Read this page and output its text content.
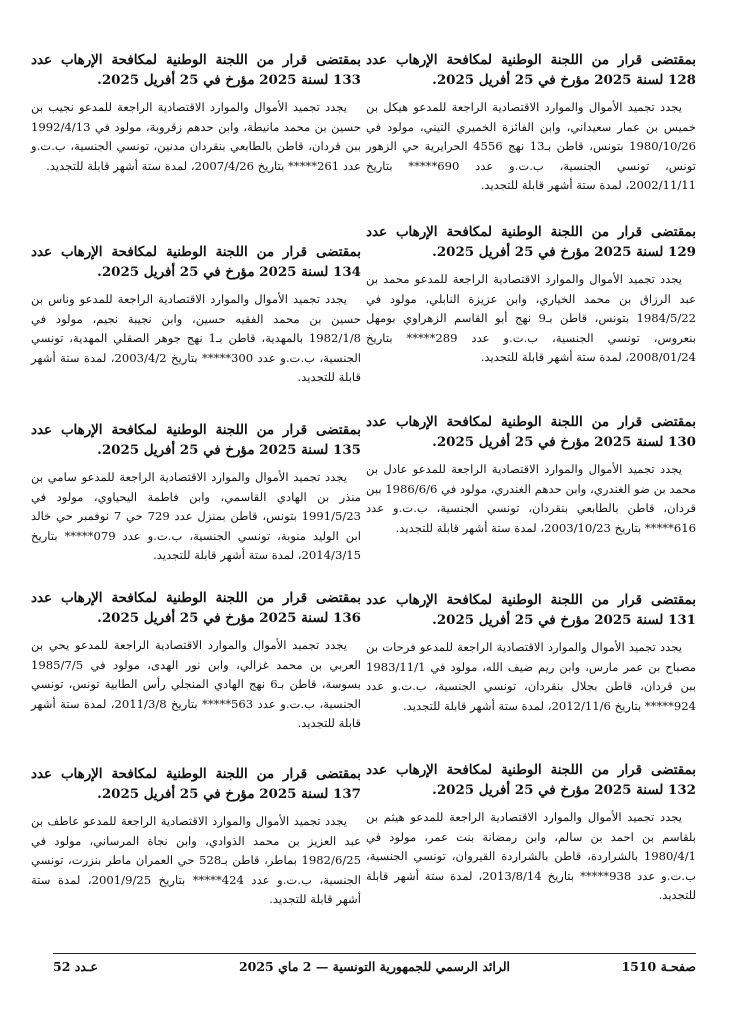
بمقتضى قرار من اللجنة الوطنية لمكافحة الإرهاب عدد 128 لسنة 2025 مؤرخ في 25 أفريل 2025.

يجدد تجميد الأموال والموارد الاقتصادية الراجعة للمدعو هيكل بن خميس بن عمار سعيداني، وابن الفائزة الخميري التيني، مولود في 1980/10/26 بتونس، قاطن بـ13 نهج 4556 الحرايرية حي الزهور تونس، تونسي الجنسية، ب.ت.و عدد 690***** بتاريخ 2002/11/11، لمدة ستة أشهر قابلة للتجديد.

بمقتضى قرار من اللجنة الوطنية لمكافحة الإرهاب عدد 129 لسنة 2025 مؤرخ في 25 أفريل 2025.

يجدد تجميد الأموال والموارد الاقتصادية الراجعة للمدعو محمد بن عبد الرزاق بن محمد الخياري، وابن عزيزة النابلي، مولود في 1984/5/22 بتونس، قاطن بـ9 نهج أبو القاسم الزهراوي بومهل بنعروس، تونسي الجنسية، ب.ت.و عدد 289***** بتاريخ 2008/01/24، لمدة ستة أشهر قابلة للتجديد.

بمقتضى قرار من اللجنة الوطنية لمكافحة الإرهاب عدد 130 لسنة 2025 مؤرخ في 25 أفريل 2025.

يجدد تجميد الأموال والموارد الاقتصادية الراجعة للمدعو عادل بن محمد بن ضو الغندري، وابن حدهم الغندري، مولود في 1986/6/6 ببن قردان، قاطن بالطابعي بنقردان، تونسي الجنسية، ب.ت.و عدد 616***** بتاريخ 2003/10/23، لمدة ستة أشهر قابلة للتجديد.

بمقتضى قرار من اللجنة الوطنية لمكافحة الإرهاب عدد 131 لسنة 2025 مؤرخ في 25 أفريل 2025.

يجدد تجميد الأموال والموارد الاقتصادية الراجعة للمدعو فرحات بن مصباح بن عمر مارس، وابن ريم ضيف الله، مولود في 1983/11/1 ببن قردان، قاطن بجلال بنقردان، تونسي الجنسية، ب.ت.و عدد 924***** بتاريخ 2012/11/6، لمدة ستة أشهر قابلة للتجديد.

بمقتضى قرار من اللجنة الوطنية لمكافحة الإرهاب عدد 132 لسنة 2025 مؤرخ في 25 أفريل 2025.

يجدد تجميد الأموال والموارد الاقتصادية الراجعة للمدعو هيثم بن بلقاسم بن احمد بن سالم، وابن رمضانة بنت عمر، مولود في 1980/4/1 بالشراردة، قاطن بالشراردة القيروان، تونسي الجنسية، ب.ت.و عدد 938***** بتاريخ 2013/8/14، لمدة ستة أشهر قابلة للتجديد.

بمقتضى قرار من اللجنة الوطنية لمكافحة الإرهاب عدد 133 لسنة 2025 مؤرخ في 25 أفريل 2025.

يجدد تجميد الأموال والموارد الاقتصادية الراجعة للمدعو نجيب بن حسين بن محمد مانيطة، وابن حدهم زقروبة، مولود في 1992/4/13 ببن قردان، قاطن بالطابعي بنقردان مدنين، تونسي الجنسية، ب.ت.و عدد 261***** بتاريخ 2007/4/26، لمدة ستة أشهر قابلة للتجديد.

بمقتضى قرار من اللجنة الوطنية لمكافحة الإرهاب عدد 134 لسنة 2025 مؤرخ في 25 أفريل 2025.

يجدد تجميد الأموال والموارد الاقتصادية الراجعة للمدعو وناس بن حسين بن محمد الفقيه حسين، وابن نجيبة نجيم، مولود في 1982/1/8 بالمهدية، قاطن بـ1 نهج جوهر الصقلي المهدية، تونسي الجنسية، ب.ت.و عدد 300***** بتاريخ 2003/4/2، لمدة ستة أشهر قابلة للتجديد.

بمقتضى قرار من اللجنة الوطنية لمكافحة الإرهاب عدد 135 لسنة 2025 مؤرخ في 25 أفريل 2025.

يجدد تجميد الأموال والموارد الاقتصادية الراجعة للمدعو سامي بن منذر بن الهادي القاسمي، وابن فاطمة اليحياوي، مولود في 1991/5/23 بتونس، قاطن بمنزل عدد 729 حي 7 نوفمبر حي خالد ابن الوليد منوبة، تونسي الجنسية، ب.ت.و عدد 079***** بتاريخ 2014/3/15، لمدة ستة أشهر قابلة للتجديد.

بمقتضى قرار من اللجنة الوطنية لمكافحة الإرهاب عدد 136 لسنة 2025 مؤرخ في 25 أفريل 2025.

يجدد تجميد الأموال والموارد الاقتصادية الراجعة للمدعو يحي بن العربي بن محمد غزالي، وابن نور الهدى، مولود في 1985/7/5 بسوسة، قاطن بـ6 نهج الهادي المنجلي رأس الطابية تونس، تونسي الجنسية، ب.ت.و عدد 563***** بتاريخ 2011/3/8، لمدة ستة أشهر قابلة للتجديد.

بمقتضى قرار من اللجنة الوطنية لمكافحة الإرهاب عدد 137 لسنة 2025 مؤرخ في 25 أفريل 2025.

يجدد تجميد الأموال والموارد الاقتصادية الراجعة للمدعو عاطف بن عبد العزيز بن محمد الذوادي، وابن نجاة المرساني، مولود في 1982/6/25 بماطر، قاطن بـ528 حي العمران ماطر بنزرت، تونسي الجنسية، ب.ت.و عدد 424***** بتاريخ 2001/9/25، لمدة ستة أشهر قابلة للتجديد.

صفحـة 1510
الرائد الرسمي للجمهورية التونسية — 2 ماي 2025
عـدد 52
